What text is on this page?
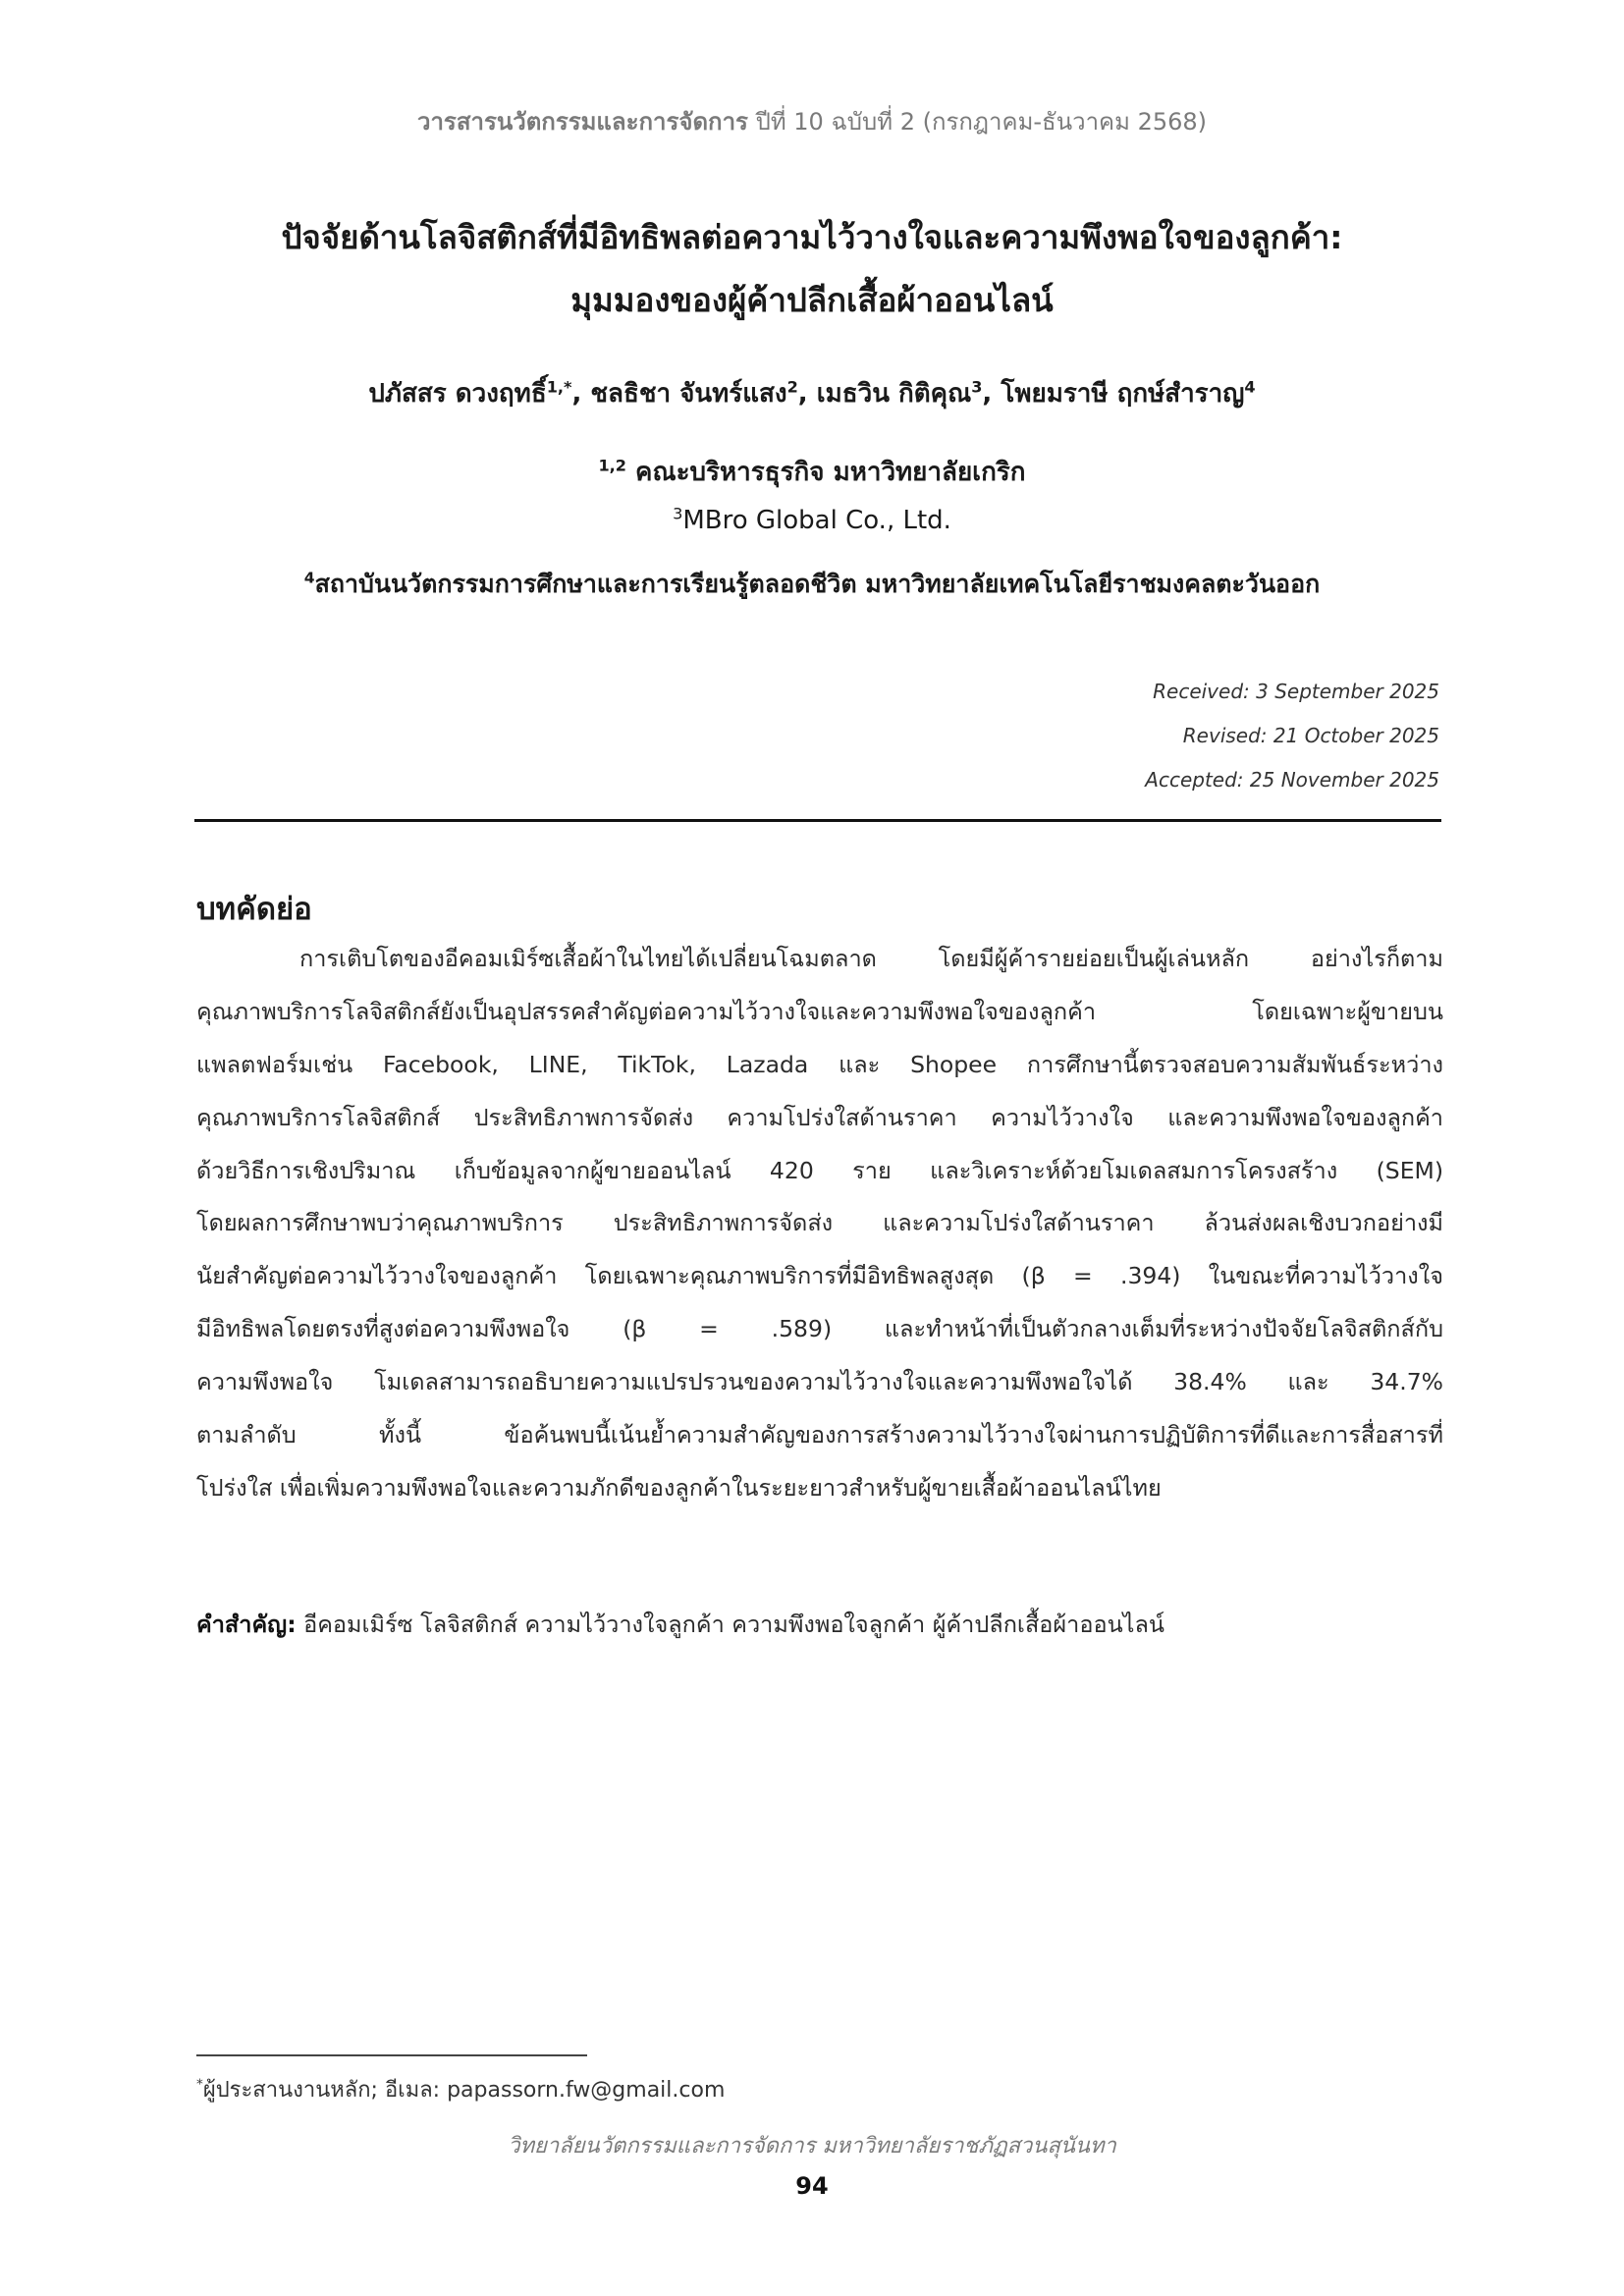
วารสารนวัตกรรมและการจัดการ ปีที่ 10 ฉบับที่ 2 (กรกฎาคม-ธันวาคม 2568)
ปัจจัยด้านโลจิสติกส์ที่มีอิทธิพลต่อความไว้วางใจและความพึงพอใจของลูกค้า:
มุมมองของผู้ค้าปลีกเสื้อผ้าออนไลน์
ปภัสสร ดวงฤทธิ์$^{1,*}$, ชลธิชา จันทร์แสง$^2$, เมธวิน กิติคุณ$^3$, โพยมราษี ฤกษ์สำราญ$^4$
$^{1,2}$ คณะบริหารธุรกิจ มหาวิทยาลัยเกริก
$^3$MBro Global Co., Ltd.
$^4$สถาบันนวัตกรรมการศึกษาและการเรียนรู้ตลอดชีวิต มหาวิทยาลัยเทคโนโลยีราชมงคลตะวันออก
Received: 3 September 2025
Revised: 21 October 2025
Accepted: 25 November 2025
บทคัดย่อ
การเติบโตของอีคอมเมิร์ซเสื้อผ้าในไทยได้เปลี่ยนโฉมตลาด โดยมีผู้ค้ารายย่อยเป็นผู้เล่นหลัก อย่างไรก็ตาม
คุณภาพบริการโลจิสติกส์ยังเป็นอุปสรรคสำคัญต่อความไว้วางใจและความพึงพอใจของลูกค้า โดยเฉพาะผู้ขายบน
แพลตฟอร์มเช่น Facebook, LINE, TikTok, Lazada และ Shopee การศึกษานี้ตรวจสอบความสัมพันธ์ระหว่าง
คุณภาพบริการโลจิสติกส์ ประสิทธิภาพการจัดส่ง ความโปร่งใสด้านราคา ความไว้วางใจ และความพึงพอใจของลูกค้า
ด้วยวิธีการเชิงปริมาณ เก็บข้อมูลจากผู้ขายออนไลน์ 420 ราย และวิเคราะห์ด้วยโมเดลสมการโครงสร้าง (SEM)
โดยผลการศึกษาพบว่าคุณภาพบริการ ประสิทธิภาพการจัดส่ง และความโปร่งใสด้านราคา ล้วนส่งผลเชิงบวกอย่างมี
นัยสำคัญต่อความไว้วางใจของลูกค้า โดยเฉพาะคุณภาพบริการที่มีอิทธิพลสูงสุด (β = .394) ในขณะที่ความไว้วางใจ
มีอิทธิพลโดยตรงที่สูงต่อความพึงพอใจ (β = .589) และทำหน้าที่เป็นตัวกลางเต็มที่ระหว่างปัจจัยโลจิสติกส์กับ
ความพึงพอใจ โมเดลสามารถอธิบายความแปรปรวนของความไว้วางใจและความพึงพอใจได้ 38.4% และ 34.7%
ตามลำดับ ทั้งนี้ ข้อค้นพบนี้เน้นย้ำความสำคัญของการสร้างความไว้วางใจผ่านการปฏิบัติการที่ดีและการสื่อสารที่
โปร่งใส เพื่อเพิ่มความพึงพอใจและความภักดีของลูกค้าในระยะยาวสำหรับผู้ขายเสื้อผ้าออนไลน์ไทย
คำสำคัญ: อีคอมเมิร์ซ โลจิสติกส์ ความไว้วางใจลูกค้า ความพึงพอใจลูกค้า ผู้ค้าปลีกเสื้อผ้าออนไลน์
*ผู้ประสานงานหลัก; อีเมล: papassorn.fw@gmail.com
วิทยาลัยนวัตกรรมและการจัดการ มหาวิทยาลัยราชภัฏสวนสุนันทา
94
